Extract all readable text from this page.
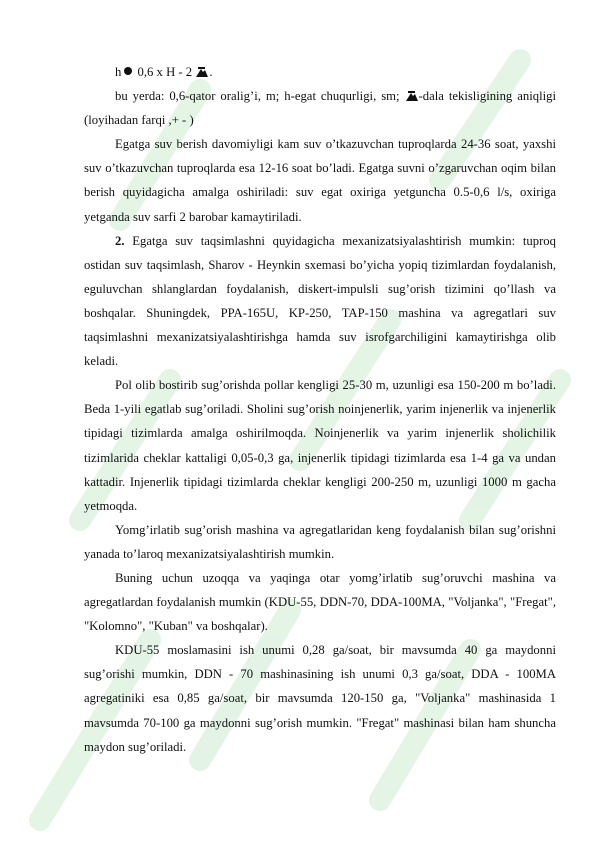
h 0,6 x H - 2 .

bu yerda: 0,6-qator oralig’i, m; h-egat chuqurligi, sm; -dala tekisligining aniqligi (loyihadan farqi ,+ - )

Egatga suv berish davomiyligi kam suv o’tkazuvchan tuproqlarda 24-36 soat, yaxshi suv o’tkazuvchan tuproqlarda esa 12-16 soat bo’ladi. Egatga suvni o’zgaruvchan oqim bilan berish quyidagicha amalga oshiriladi: suv egat oxiriga yetguncha 0.5-0,6 l/s, oxiriga yetganda suv sarfi 2 barobar kamaytiriladi.

2. Egatga suv taqsimlashni quyidagicha mexanizatsiyalashtirish mumkin: tuproq ostidan suv taqsimlash, Sharov - Heynkin sxemasi bo’yicha yopiq tizimlardan foydalanish, eguluvchan shlanglardan foydalanish, diskert-impulsli sug’orish tizimini qo’llash va boshqalar. Shuningdek, PPA-165U, KP-250, TAP-150 mashina va agregatlari suv taqsimlashni mexanizatsiyalashtirishga hamda suv isrofgarchiligini kamaytirishga olib keladi.

Pol olib bostirib sug’orishda pollar kengligi 25-30 m, uzunligi esa 150-200 m bo’ladi. Beda 1-yili egatlab sug’oriladi. Sholini sug’orish noinjenerlik, yarim injenerlik va injenerlik tipidagi tizimlarda amalga oshirilmoqda. Noinjenerlik va yarim injenerlik sholichilik tizimlarida cheklar kattaligi 0,05-0,3 ga, injenerlik tipidagi tizimlarda esa 1-4 ga va undan kattadir. Injenerlik tipidagi tizimlarda cheklar kengligi 200-250 m, uzunligi 1000 m gacha yetmoqda.

Yomg’irlatib sug’orish mashina va agregatlaridan keng foydalanish bilan sug’orishni yanada to’laroq mexanizatsiyalashtirish mumkin.

Buning uchun uzoqqa va yaqinga otar yomg’irlatib sug’oruvchi mashina va agregatlardan foydalanish mumkin (KDU-55, DDN-70, DDA-100MA, "Voljanka", "Fregat", "Kolomno", "Kuban" va boshqalar).

KDU-55 moslamasini ish unumi 0,28 ga/soat, bir mavsumda 40 ga maydonni sug’orishi mumkin, DDN - 70 mashinasining ish unumi 0,3 ga/soat, DDA - 100MA agregatiniki esa 0,85 ga/soat, bir mavsumda 120-150 ga, "Voljanka" mashinasida 1 mavsumda 70-100 ga maydonni sug’orish mumkin. "Fregat" mashinasi bilan ham shuncha maydon sug’oriladi.
